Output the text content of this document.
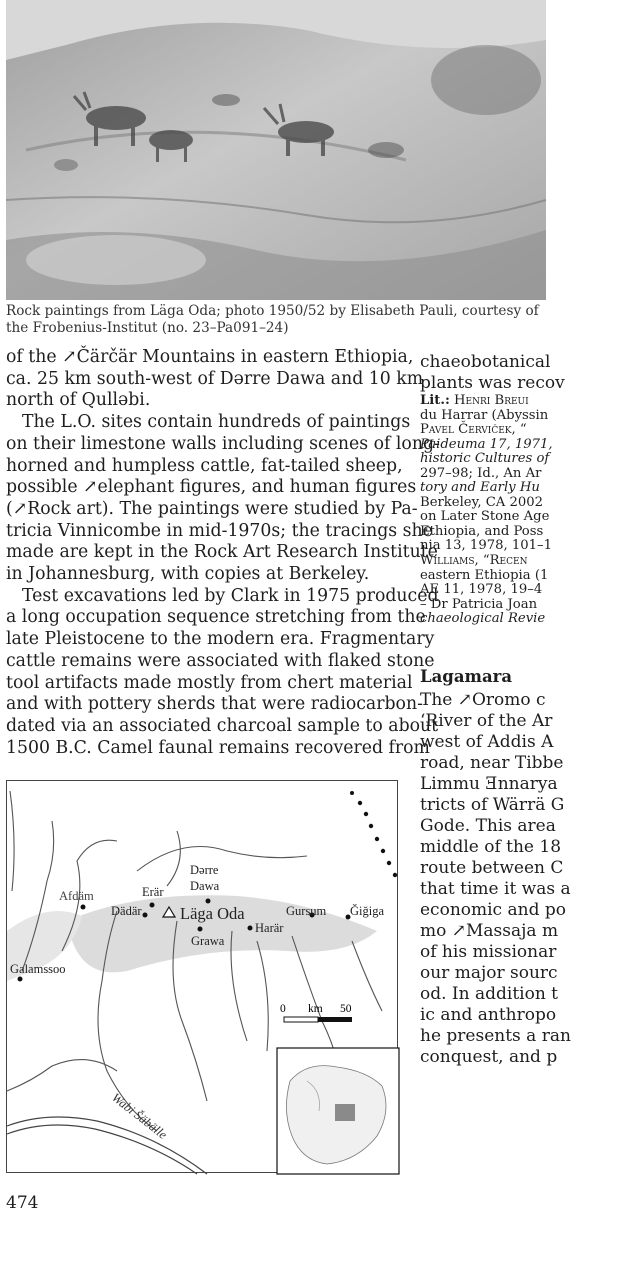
Rock paintings from Läga Oda; photo 1950/52 by Elisabeth Pauli, courtesy of
the Frobenius-Institut (no. 23–Pa091–24)

of the ↗Čärčär Mountains in eastern Ethiopia,
ca. 25 km south-west of Dərre Dawa and 10 km
north of Qulləbi.

The L.O. sites contain hundreds of paintings
on their limestone walls including scenes of long-
horned and humpless cattle, fat-tailed sheep,
possible ↗elephant figures, and human figures
(↗Rock art). The paintings were studied by Pa-
tricia Vinnicombe in mid-1970s; the tracings she
made are kept in the Rock Art Research Institute
in Johannesburg, with copies at Berkeley.

Test excavations led by Clark in 1975 produced
a long occupation sequence stretching from the
late Pleistocene to the modern era. Fragmentary
cattle remains were associated with flaked stone
tool artifacts made mostly from chert material
and with pottery sherds that were radiocarbon-
dated via an associated charcoal sample to about
1500 B.C. Camel faunal remains recovered from

chaeobotanical
plants was recov
Lit.: Henri Breui
du Harrar (Abyssin
Pavel Červiček, “
Paideuma 17, 1971,
historic Cultures of
297–98; Id., An Ar
tory and Early Hu
Berkeley, CA 2002
on Later Stone Age
Ethiopia, and Poss
nia 13, 1978, 101–1
Williams, “Recen
eastern Ethiopia (1
AE 11, 1978, 19–4
– Dr Patricia Joan
chaeological Revie
Lagamara
The ↗Oromo c
‘River of the Ar
west of Addis A
road, near Tibbe
Limmu Ǝnnarya
tricts of Wärrä G
Gode. This area
middle of the 18
route between C
that time it was a
economic and po
mo ↗Massaja m
of his missionar
our major sourc
od. In addition t
ic and anthropo
he presents a ran
conquest, and p
Dərre
Dawa
Afdäm	Erär
Dädär Läga Oda	Gursum Ǧiǧiga
Harär
Grawa
Galamssoo
Wabi Šäbälle
0 km 50
474
